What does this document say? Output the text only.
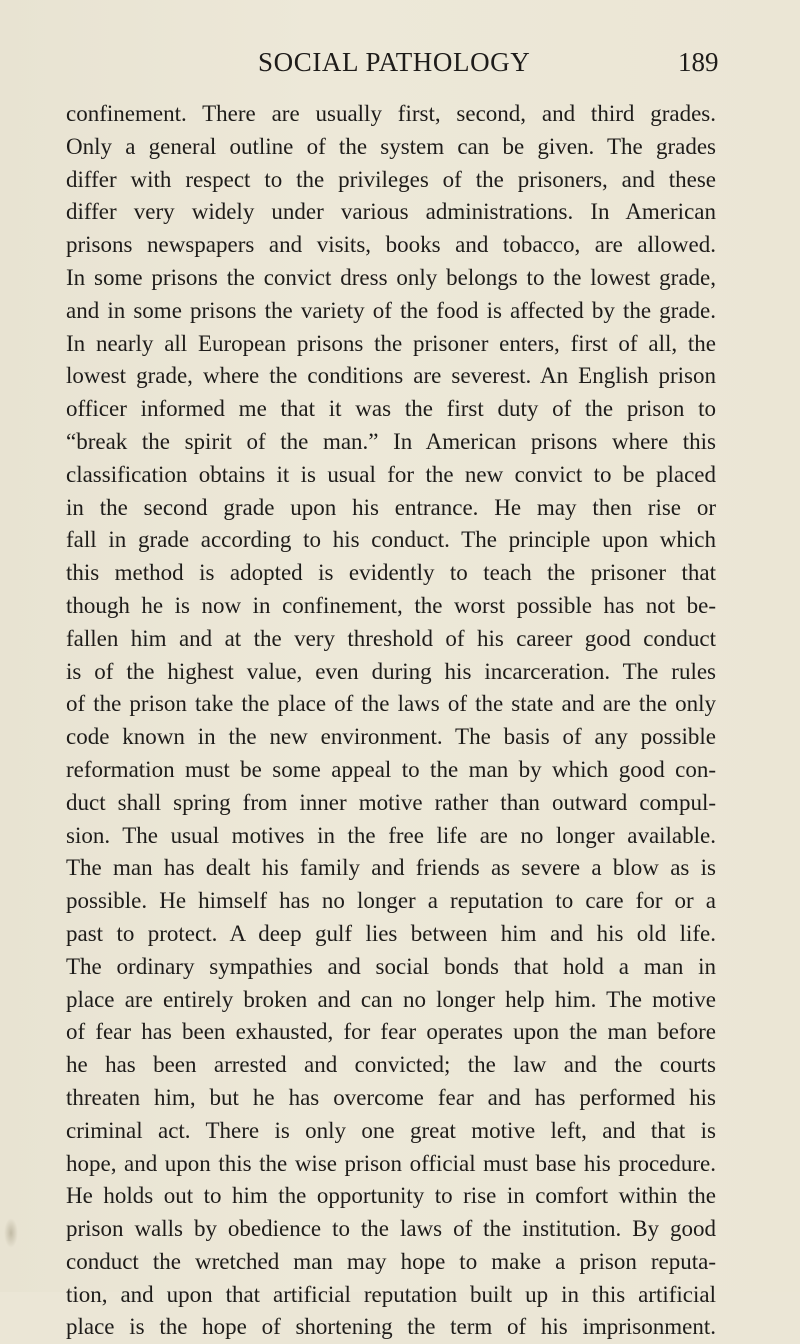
SOCIAL PATHOLOGY	189
confinement. There are usually first, second, and third grades.
Only a general outline of the system can be given. The grades
differ with respect to the privileges of the prisoners, and these
differ very widely under various administrations. In American
prisons newspapers and visits, books and tobacco, are allowed.
In some prisons the convict dress only belongs to the lowest grade,
and in some prisons the variety of the food is affected by the grade.
In nearly all European prisons the prisoner enters, first of all, the
lowest grade, where the conditions are severest. An English prison
officer informed me that it was the first duty of the prison to
“break the spirit of the man.” In American prisons where this
classification obtains it is usual for the new convict to be placed
in the second grade upon his entrance. He may then rise or
fall in grade according to his conduct. The principle upon which
this method is adopted is evidently to teach the prisoner that
though he is now in confinement, the worst possible has not be-
fallen him and at the very threshold of his career good conduct
is of the highest value, even during his incarceration. The rules
of the prison take the place of the laws of the state and are the only
code known in the new environment. The basis of any possible
reformation must be some appeal to the man by which good con-
duct shall spring from inner motive rather than outward compul-
sion. The usual motives in the free life are no longer available.
The man has dealt his family and friends as severe a blow as is
possible. He himself has no longer a reputation to care for or a
past to protect. A deep gulf lies between him and his old life.
The ordinary sympathies and social bonds that hold a man in
place are entirely broken and can no longer help him. The motive
of fear has been exhausted, for fear operates upon the man before
he has been arrested and convicted; the law and the courts
threaten him, but he has overcome fear and has performed his
criminal act. There is only one great motive left, and that is
hope, and upon this the wise prison official must base his procedure.
He holds out to him the opportunity to rise in comfort within the
prison walls by obedience to the laws of the institution. By good
conduct the wretched man may hope to make a prison reputa-
tion, and upon that artificial reputation built up in this artificial
place is the hope of shortening the term of his imprisonment.
